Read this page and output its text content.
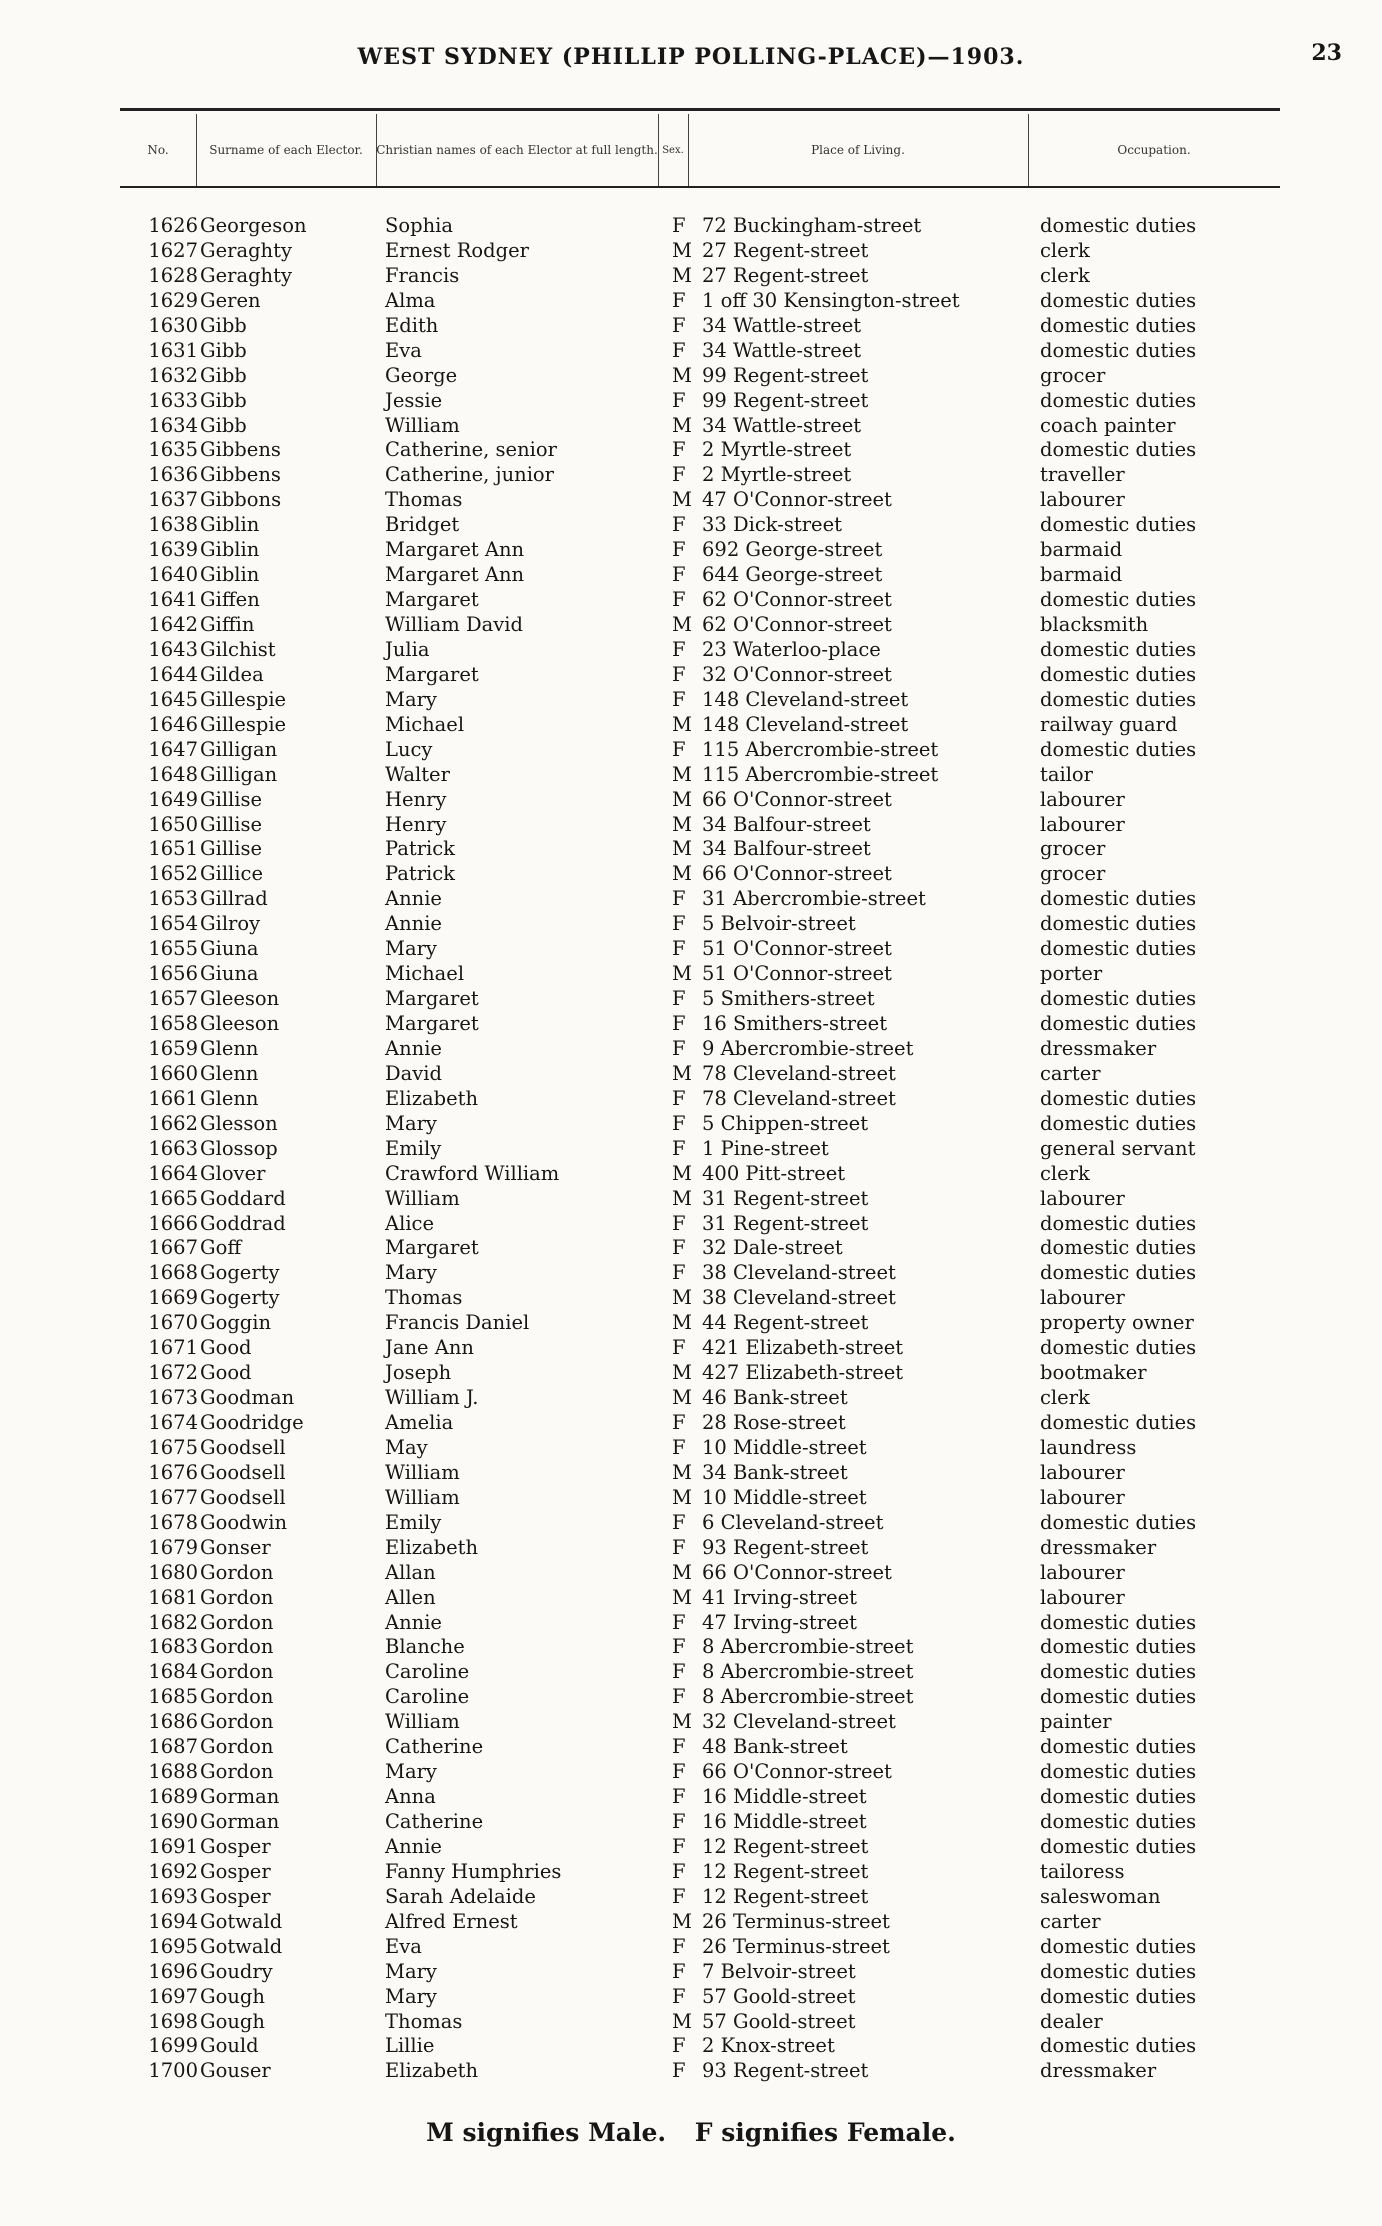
WEST SYDNEY (PHILLIP POLLING-PLACE)—1903.	23
No.	Surname of each Elector.	Christian names of each Elector at full length. Sex.	Place of Living.	Occupation.
1626 Georgeson	Sophia	F 72 Buckingham-street	domestic duties
1627 Geraghty	Ernest Rodger	M 27 Regent-street	clerk
1628 Geraghty	Francis	M 27 Regent-street	clerk
1629 Geren	Alma	F 1 off 30 Kensington-street	domestic duties
1630 Gibb	Edith	F 34 Wattle-street	domestic duties
1631 Gibb	Eva	F 34 Wattle-street	domestic duties
1632 Gibb	George	M 99 Regent-street	grocer
1633 Gibb	Jessie	F 99 Regent-street	domestic duties
1634 Gibb	William	M 34 Wattle-street	coach painter
1635 Gibbens	Catherine, senior	F 2 Myrtle-street	domestic duties
1636 Gibbens	Catherine, junior	F 2 Myrtle-street	traveller
1637 Gibbons	Thomas	M 47 O'Connor-street	labourer
1638 Giblin	Bridget	F 33 Dick-street	domestic duties
1639 Giblin	Margaret Ann	F 692 George-street	barmaid
1640 Giblin	Margaret Ann	F 644 George-street	barmaid
1641 Giffen	Margaret	F 62 O'Connor-street	domestic duties
1642 Giffin	William David	M 62 O'Connor-street	blacksmith
1643 Gilchist	Julia	F 23 Waterloo-place	domestic duties
1644 Gildea	Margaret	F 32 O'Connor-street	domestic duties
1645 Gillespie	Mary	F 148 Cleveland-street	domestic duties
1646 Gillespie	Michael	M 148 Cleveland-street	railway guard
1647 Gilligan	Lucy	F 115 Abercrombie-street	domestic duties
1648 Gilligan	Walter	M 115 Abercrombie-street	tailor
1649 Gillise	Henry	M 66 O'Connor-street	labourer
1650 Gillise	Henry	M 34 Balfour-street	labourer
1651 Gillise	Patrick	M 34 Balfour-street	grocer
1652 Gillice	Patrick	M 66 O'Connor-street	grocer
1653 Gillrad	Annie	F 31 Abercrombie-street	domestic duties
1654 Gilroy	Annie	F 5 Belvoir-street	domestic duties
1655 Giuna	Mary	F 51 O'Connor-street	domestic duties
1656 Giuna	Michael	M 51 O'Connor-street	porter
1657 Gleeson	Margaret	F 5 Smithers-street	domestic duties
1658 Gleeson	Margaret	F 16 Smithers-street	domestic duties
1659 Glenn	Annie	F 9 Abercrombie-street	dressmaker
1660 Glenn	David	M 78 Cleveland-street	carter
1661 Glenn	Elizabeth	F 78 Cleveland-street	domestic duties
1662 Glesson	Mary	F 5 Chippen-street	domestic duties
1663 Glossop	Emily	F 1 Pine-street	general servant
1664 Glover	Crawford William	M 400 Pitt-street	clerk
1665 Goddard	William	M 31 Regent-street	labourer
1666 Goddrad	Alice	F 31 Regent-street	domestic duties
1667 Goff	Margaret	F 32 Dale-street	domestic duties
1668 Gogerty	Mary	F 38 Cleveland-street	domestic duties
1669 Gogerty	Thomas	M 38 Cleveland-street	labourer
1670 Goggin	Francis Daniel	M 44 Regent-street	property owner
1671 Good	Jane Ann	F 421 Elizabeth-street	domestic duties
1672 Good	Joseph	M 427 Elizabeth-street	bootmaker
1673 Goodman	William J.	M 46 Bank-street	clerk
1674 Goodridge	Amelia	F 28 Rose-street	domestic duties
1675 Goodsell	May	F 10 Middle-street	laundress
1676 Goodsell	William	M 34 Bank-street	labourer
1677 Goodsell	William	M 10 Middle-street	labourer
1678 Goodwin	Emily	F 6 Cleveland-street	domestic duties
1679 Gonser	Elizabeth	F 93 Regent-street	dressmaker
1680 Gordon	Allan	M 66 O'Connor-street	labourer
1681 Gordon	Allen	M 41 Irving-street	labourer
1682 Gordon	Annie	F 47 Irving-street	domestic duties
1683 Gordon	Blanche	F 8 Abercrombie-street	domestic duties
1684 Gordon	Caroline	F 8 Abercrombie-street	domestic duties
1685 Gordon	Caroline	F 8 Abercrombie-street	domestic duties
1686 Gordon	William	M 32 Cleveland-street	painter
1687 Gordon	Catherine	F 48 Bank-street	domestic duties
1688 Gordon	Mary	F 66 O'Connor-street	domestic duties
1689 Gorman	Anna	F 16 Middle-street	domestic duties
1690 Gorman	Catherine	F 16 Middle-street	domestic duties
1691 Gosper	Annie	F 12 Regent-street	domestic duties
1692 Gosper	Fanny Humphries	F 12 Regent-street	tailoress
1693 Gosper	Sarah Adelaide	F 12 Regent-street	saleswoman
1694 Gotwald	Alfred Ernest	M 26 Terminus-street	carter
1695 Gotwald	Eva	F 26 Terminus-street	domestic duties
1696 Goudry	Mary	F 7 Belvoir-street	domestic duties
1697 Gough	Mary	F 57 Goold-street	domestic duties
1698 Gough	Thomas	M 57 Goold-street	dealer
1699 Gould	Lillie	F 2 Knox-street	domestic duties
1700 Gouser	Elizabeth	F 93 Regent-street	dressmaker
M signifies Male. F signifies Female.
